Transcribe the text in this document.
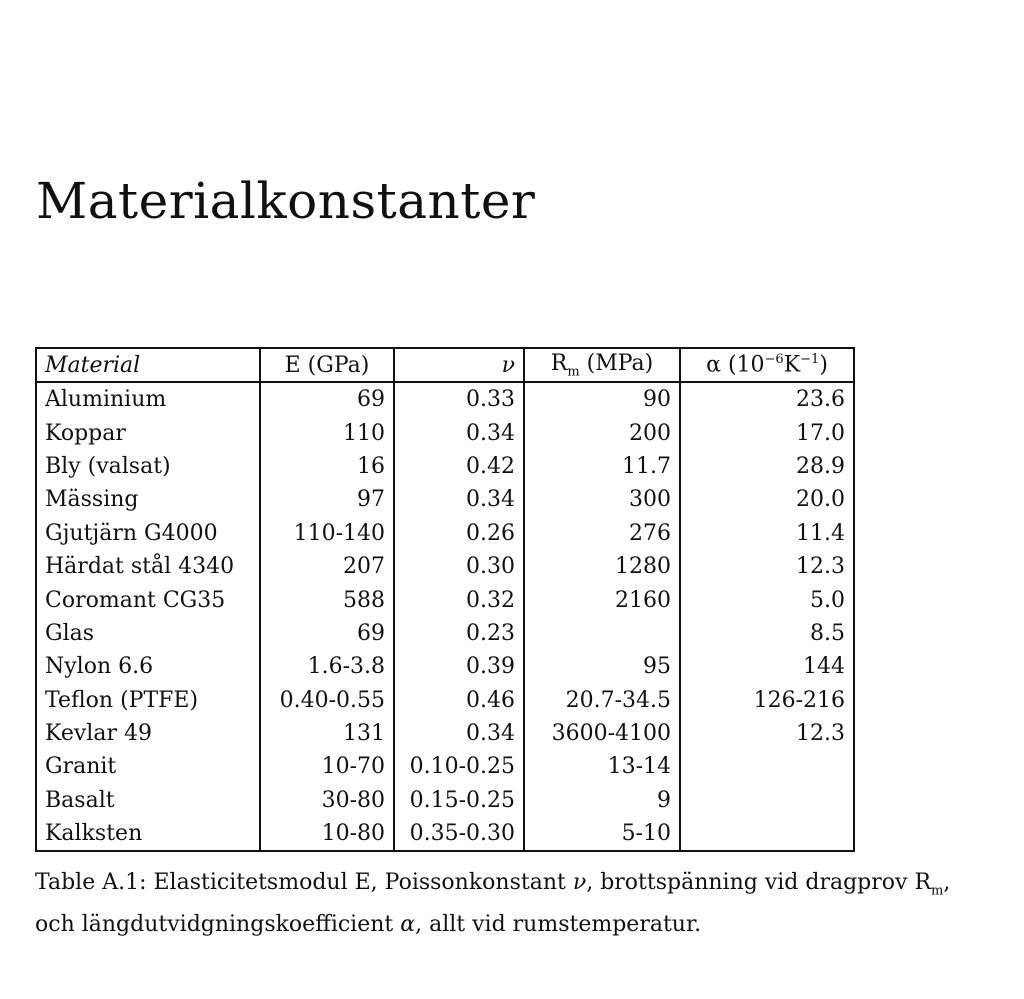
Materialkonstanter
Material	E (GPa)	ν	$R_m$ (MPa)	α $(10^{-6}K^{-1})$
Aluminium	69	0.33	90	23.6
Koppar	110	0.34	200	17.0
Bly (valsat)	16	0.42	11.7	28.9
Mässing	97	0.34	300	20.0
Gjutjärn G4000	110-140	0.26	276	11.4
Härdat stål 4340	207	0.30	1280	12.3
Coromant CG35	588	0.32	2160	5.0
Glas	69	0.23		8.5
Nylon 6.6	1.6-3.8	0.39	95	144
Teflon (PTFE)	0.40-0.55	0.46	20.7-34.5	126-216
Kevlar 49	131	0.34	3600-4100	12.3
Granit	10-70	0.10-0.25	13-14	
Basalt	30-80	0.15-0.25	9	
Kalksten	10-80	0.35-0.30	5-10	

Table A.1: Elasticitetsmodul E, Poissonkonstant ν, brottspänning vid dragprov $R_m$, och längdutvidgningskoefficient α, allt vid rumstemperatur.
